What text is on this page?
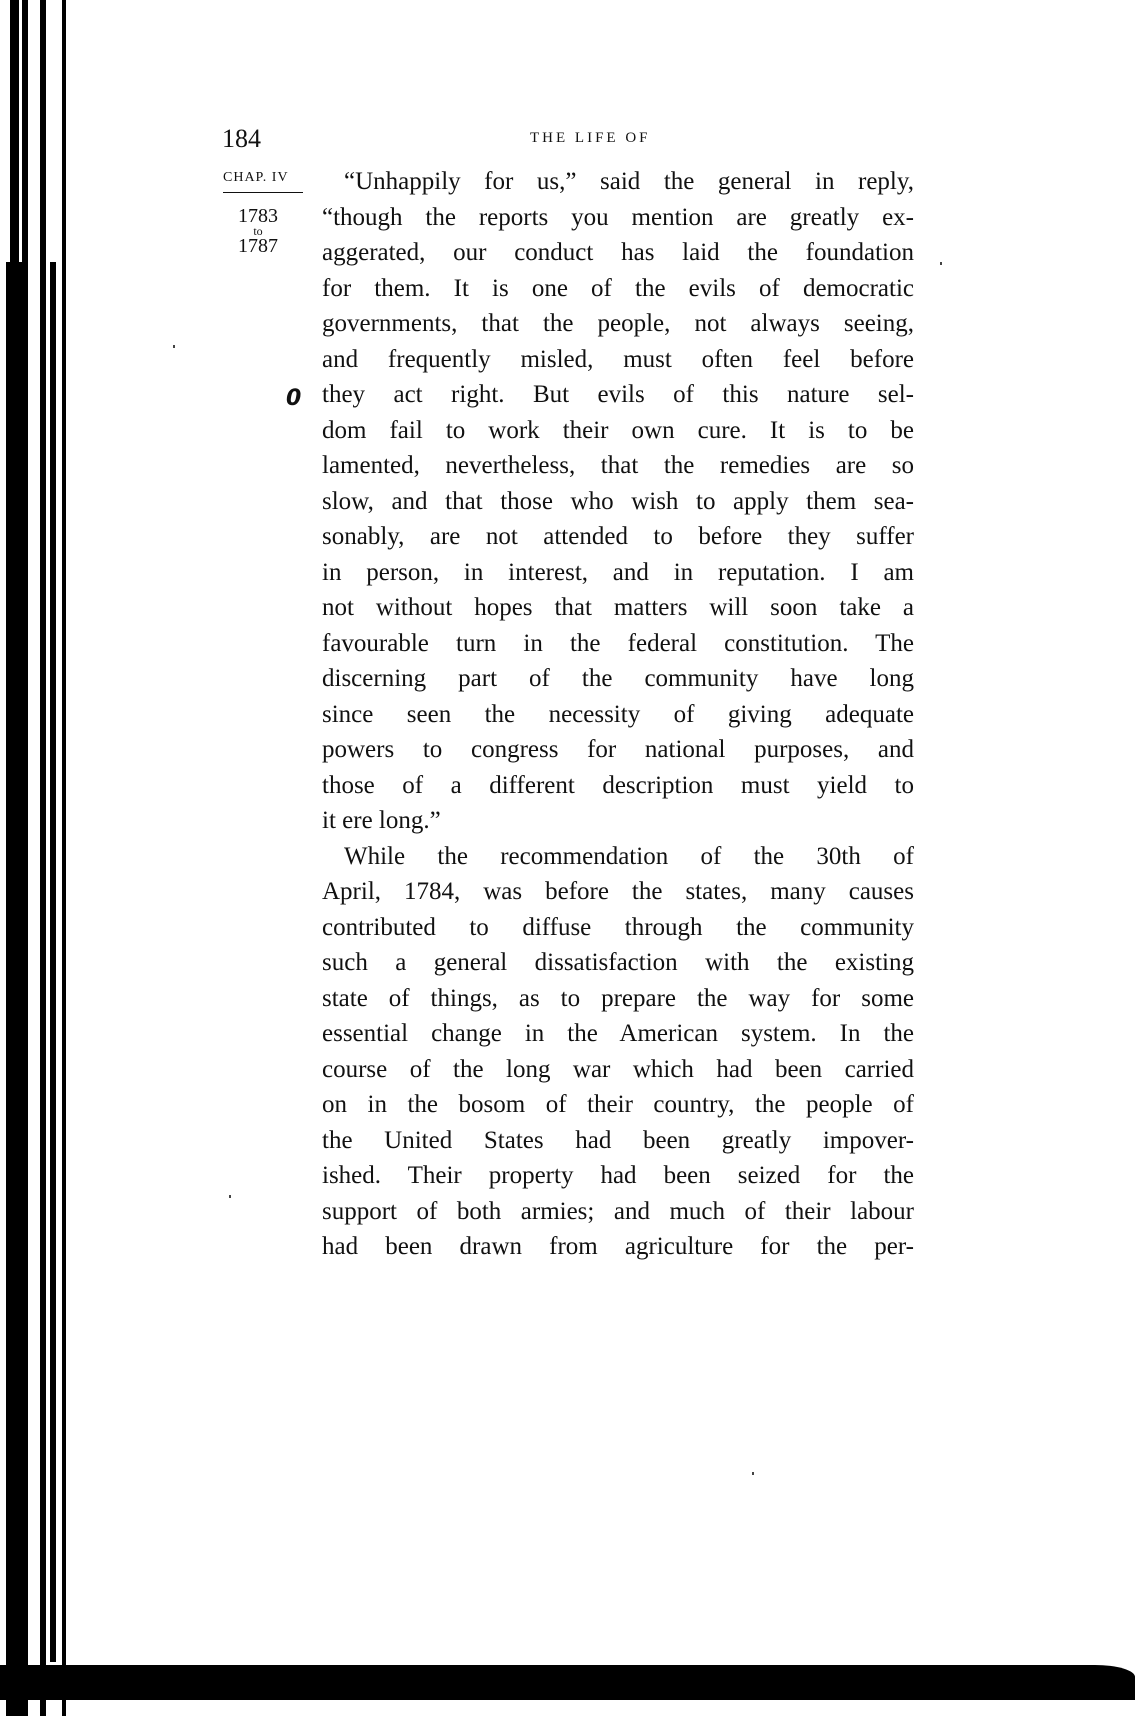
184	THE LIFE OF
CHAP. IV
1783
to
1787
0
“Unhappily for us,” said the general in reply,
“though the reports you mention are greatly ex-
aggerated, our conduct has laid the foundation
for them. It is one of the evils of democratic
governments, that the people, not always seeing,
and frequently misled, must often feel before
they act right. But evils of this nature sel-
dom fail to work their own cure. It is to be
lamented, nevertheless, that the remedies are so
slow, and that those who wish to apply them sea-
sonably, are not attended to before they suffer
in person, in interest, and in reputation. I am
not without hopes that matters will soon take a
favourable turn in the federal constitution. The
discerning part of the community have long
since seen the necessity of giving adequate
powers to congress for national purposes, and
those of a different description must yield to
it ere long.”
While the recommendation of the 30th of
April, 1784, was before the states, many causes
contributed to diffuse through the community
such a general dissatisfaction with the existing
state of things, as to prepare the way for some
essential change in the American system. In the
course of the long war which had been carried
on in the bosom of their country, the people of
the United States had been greatly impover-
ished. Their property had been seized for the
support of both armies; and much of their labour
had been drawn from agriculture for the per-
